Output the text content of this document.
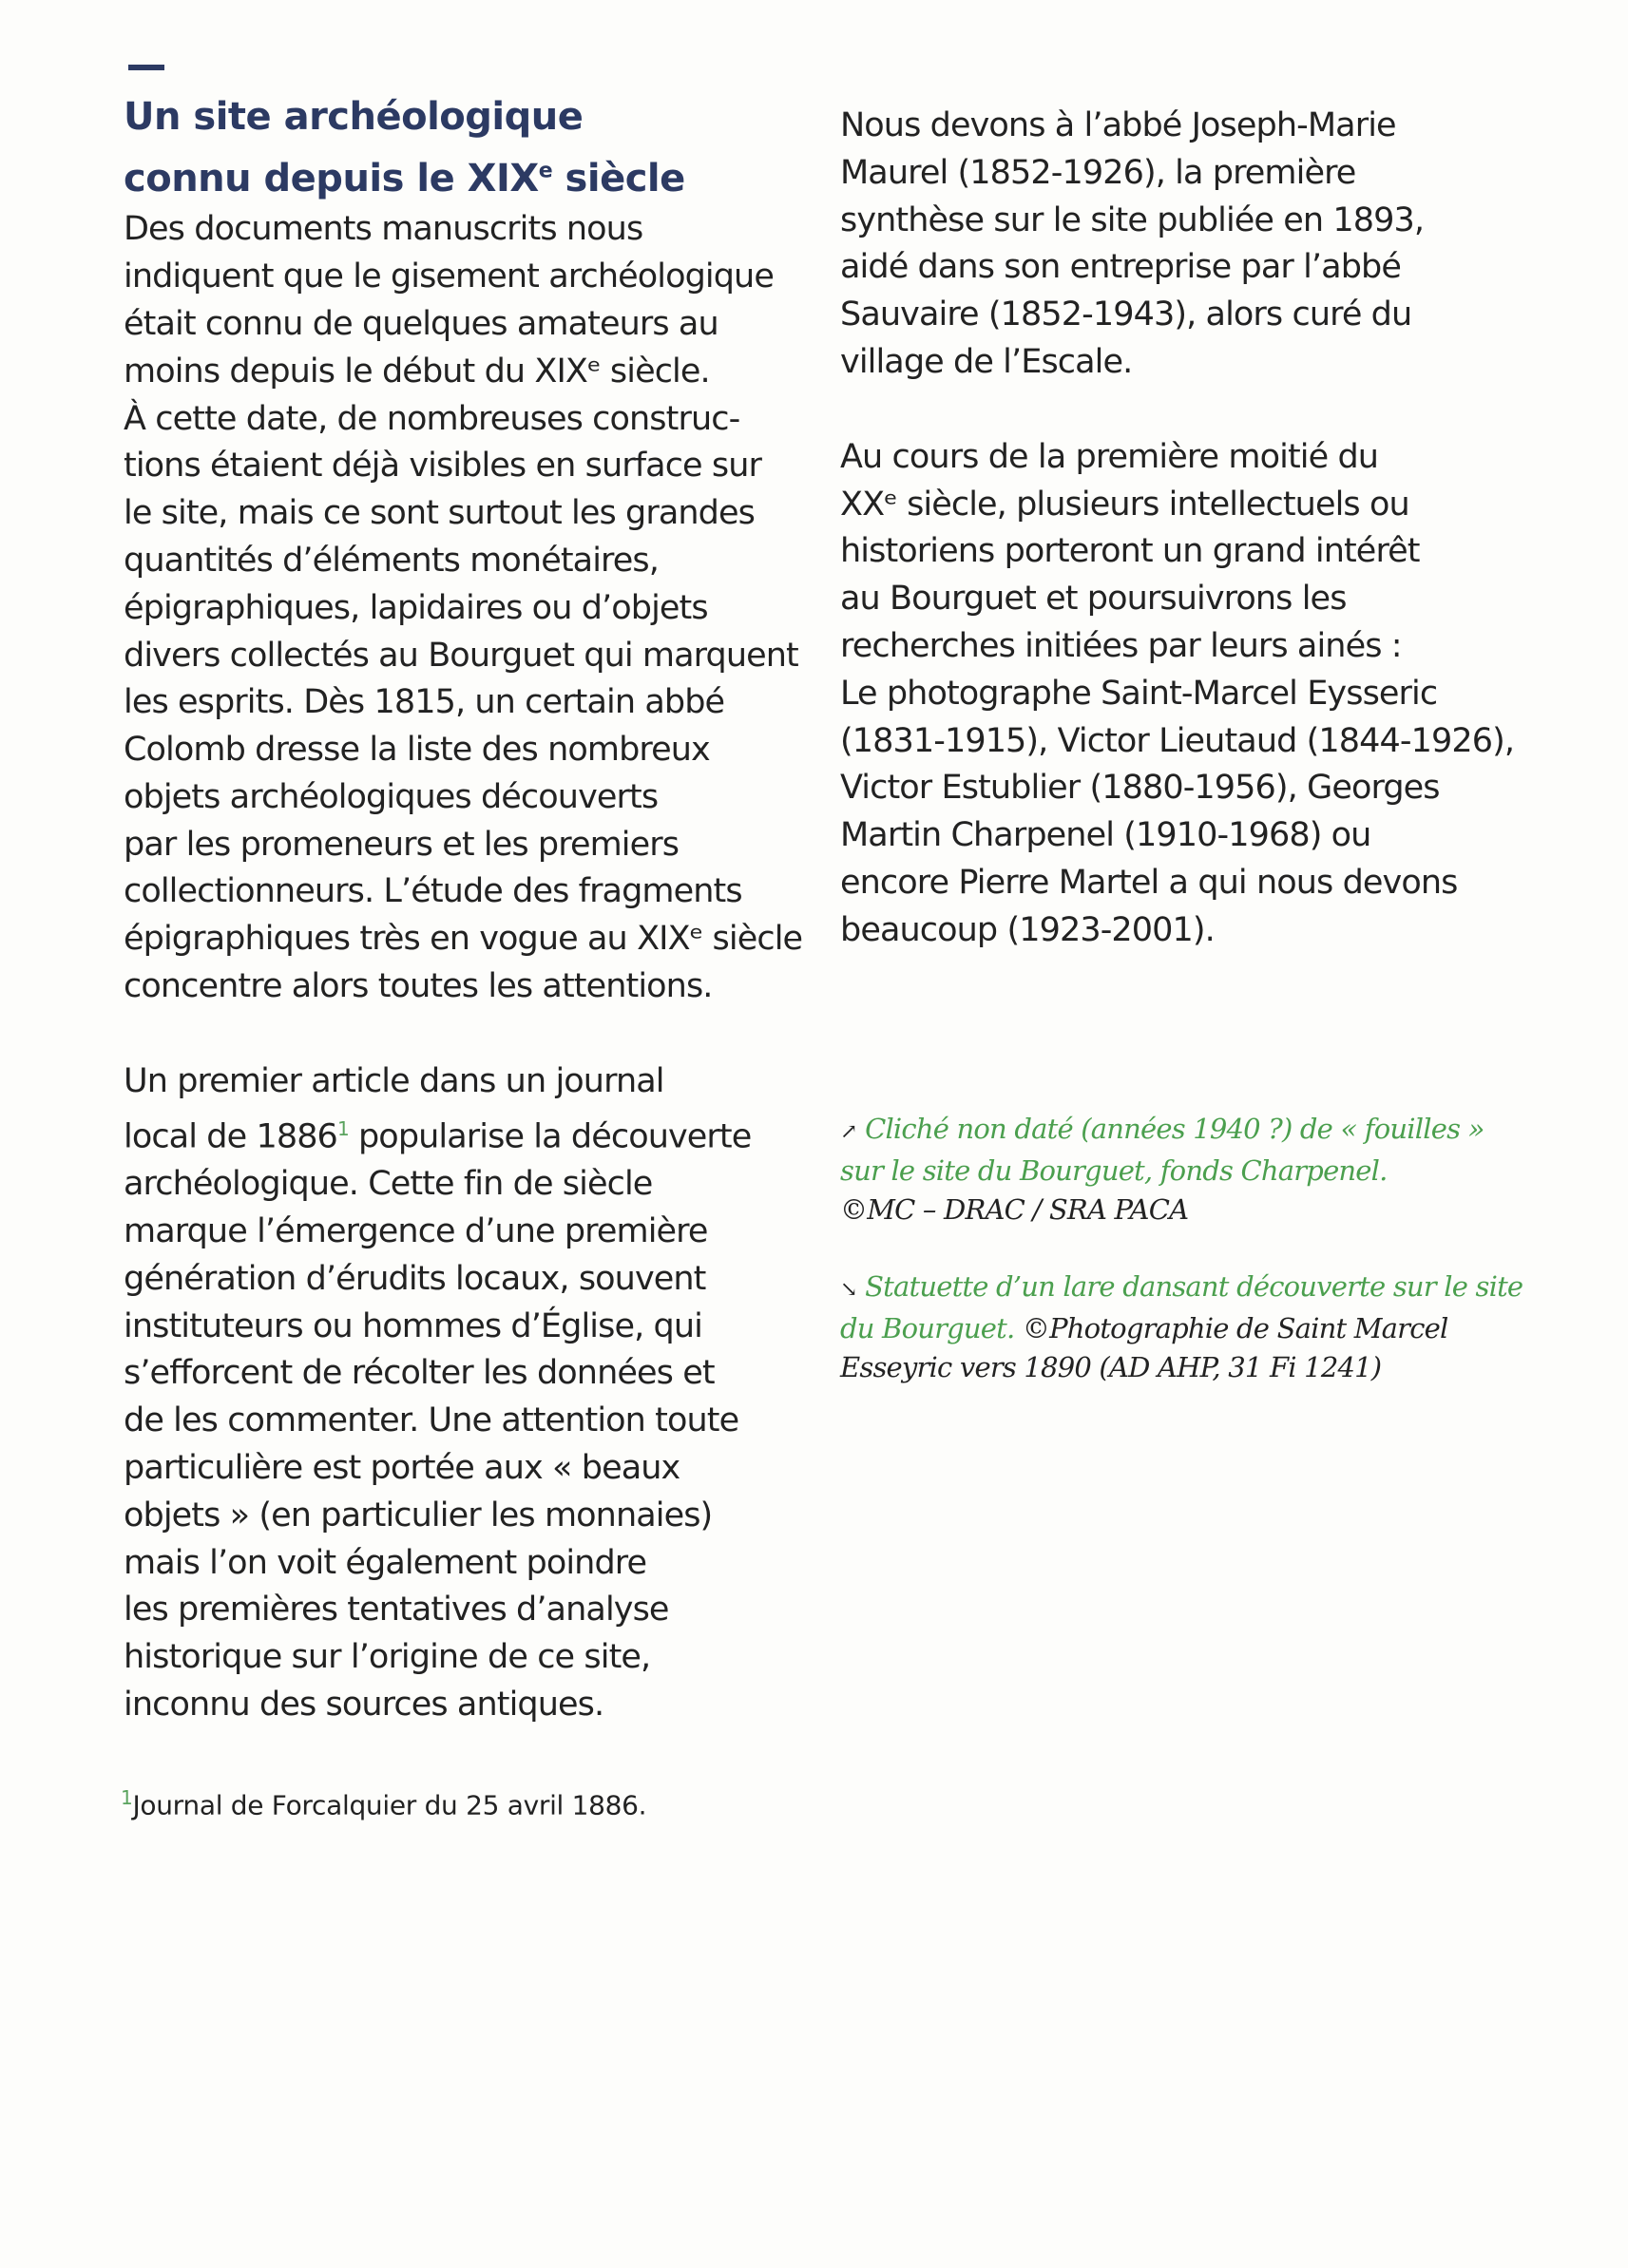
Un site archéologique
connu depuis le XIXe siècle

Des documents manuscrits nous
indiquent que le gisement archéologique
était connu de quelques amateurs au
moins depuis le début du XIXᵉ siècle.
À cette date, de nombreuses construc-
tions étaient déjà visibles en surface sur
le site, mais ce sont surtout les grandes
quantités d’éléments monétaires,
épigraphiques, lapidaires ou d’objets
divers collectés au Bourguet qui marquent
les esprits. Dès 1815, un certain abbé
Colomb dresse la liste des nombreux
objets archéologiques découverts
par les promeneurs et les premiers
collectionneurs. L’étude des fragments
épigraphiques très en vogue au XIXᵉ siècle
concentre alors toutes les attentions.

Un premier article dans un journal
local de 1886$^1$ popularise la découverte
archéologique. Cette fin de siècle
marque l’émergence d’une première
génération d’érudits locaux, souvent
instituteurs ou hommes d’Église, qui
s’efforcent de récolter les données et
de les commenter. Une attention toute
particulière est portée aux « beaux
objets » (en particulier les monnaies)
mais l’on voit également poindre
les premières tentatives d’analyse
historique sur l’origine de ce site,
inconnu des sources antiques.

Nous devons à l’abbé Joseph-Marie
Maurel (1852-1926), la première
synthèse sur le site publiée en 1893,
aidé dans son entreprise par l’abbé
Sauvaire (1852-1943), alors curé du
village de l’Escale.

Au cours de la première moitié du
XXᵉ siècle, plusieurs intellectuels ou
historiens porteront un grand intérêt
au Bourguet et poursuivrons les
recherches initiées par leurs ainés :
Le photographe Saint-Marcel Eysseric
(1831-1915), Victor Lieutaud (1844-1926),
Victor Estublier (1880-1956), Georges
Martin Charpenel (1910-1968) ou
encore Pierre Martel a qui nous devons
beaucoup (1923-2001).

↗ Cliché non daté (années 1940 ?) de « fouilles »
sur le site du Bourguet, fonds Charpenel.
©MC – DRAC / SRA PACA
↘ Statuette d’un lare dansant découverte sur le site
du Bourguet. ©Photographie de Saint Marcel
Esseyric vers 1890 (AD AHP, 31 Fi 1241)
$^1$Journal de Forcalquier du 25 avril 1886.
